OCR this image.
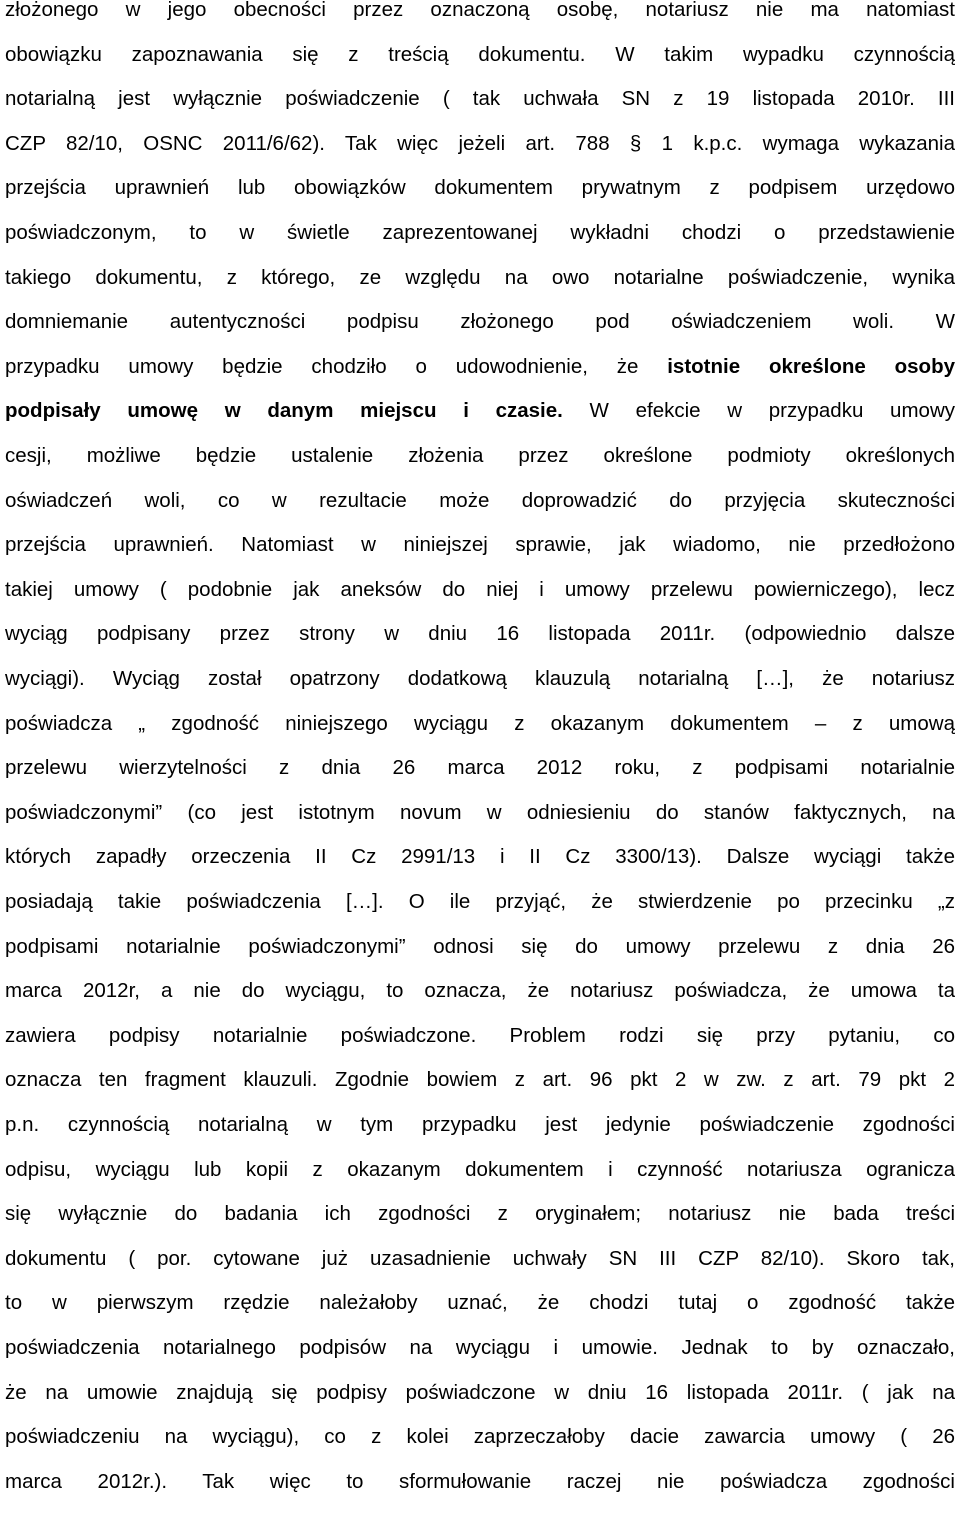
złożonego w jego obecności przez oznaczoną osobę, notariusz nie ma natomiast
obowiązku zapoznawania się z treścią dokumentu. W takim wypadku czynnością
notarialną jest wyłącznie poświadczenie ( tak uchwała SN z 19 listopada 2010r. III
CZP 82/10, OSNC 2011/6/62). Tak więc jeżeli art. 788 § 1 k.p.c. wymaga wykazania
przejścia uprawnień lub obowiązków dokumentem prywatnym z podpisem urzędowo
poświadczonym, to w świetle zaprezentowanej wykładni chodzi o przedstawienie
takiego dokumentu, z którego, ze względu na owo notarialne poświadczenie, wynika
domniemanie autentyczności podpisu złożonego pod oświadczeniem woli. W
przypadku umowy będzie chodziło o udowodnienie, że istotnie określone osoby
podpisały umowę w danym miejscu i czasie. W efekcie w przypadku umowy
cesji, możliwe będzie ustalenie złożenia przez określone podmioty określonych
oświadczeń woli, co w rezultacie może doprowadzić do przyjęcia skuteczności
przejścia uprawnień. Natomiast w niniejszej sprawie, jak wiadomo, nie przedłożono
takiej umowy ( podobnie jak aneksów do niej i umowy przelewu powierniczego), lecz
wyciąg podpisany przez strony w dniu 16 listopada 2011r. (odpowiednio dalsze
wyciągi). Wyciąg został opatrzony dodatkową klauzulą notarialną […], że notariusz
poświadcza „ zgodność niniejszego wyciągu z okazanym dokumentem – z umową
przelewu wierzytelności z dnia 26 marca 2012 roku, z podpisami notarialnie
poświadczonymi” (co jest istotnym novum w odniesieniu do stanów faktycznych, na
których zapadły orzeczenia II Cz 2991/13 i II Cz 3300/13). Dalsze wyciągi także
posiadają takie poświadczenia […]. O ile przyjąć, że stwierdzenie po przecinku „z
podpisami notarialnie poświadczonymi” odnosi się do umowy przelewu z dnia 26
marca 2012r, a nie do wyciągu, to oznacza, że notariusz poświadcza, że umowa ta
zawiera podpisy notarialnie poświadczone. Problem rodzi się przy pytaniu, co
oznacza ten fragment klauzuli. Zgodnie bowiem z art. 96 pkt 2 w zw. z art. 79 pkt 2
p.n. czynnością notarialną w tym przypadku jest jedynie poświadczenie zgodności
odpisu, wyciągu lub kopii z okazanym dokumentem i czynność notariusza ogranicza
się wyłącznie do badania ich zgodności z oryginałem; notariusz nie bada treści
dokumentu ( por. cytowane już uzasadnienie uchwały SN III CZP 82/10). Skoro tak,
to w pierwszym rzędzie należałoby uznać, że chodzi tutaj o zgodność także
poświadczenia notarialnego podpisów na wyciągu i umowie. Jednak to by oznaczało,
że na umowie znajdują się podpisy poświadczone w dniu 16 listopada 2011r. ( jak na
poświadczeniu na wyciągu), co z kolei zaprzeczałoby dacie zawarcia umowy ( 26
marca 2012r.). Tak więc to sformułowanie raczej nie poświadcza zgodności
